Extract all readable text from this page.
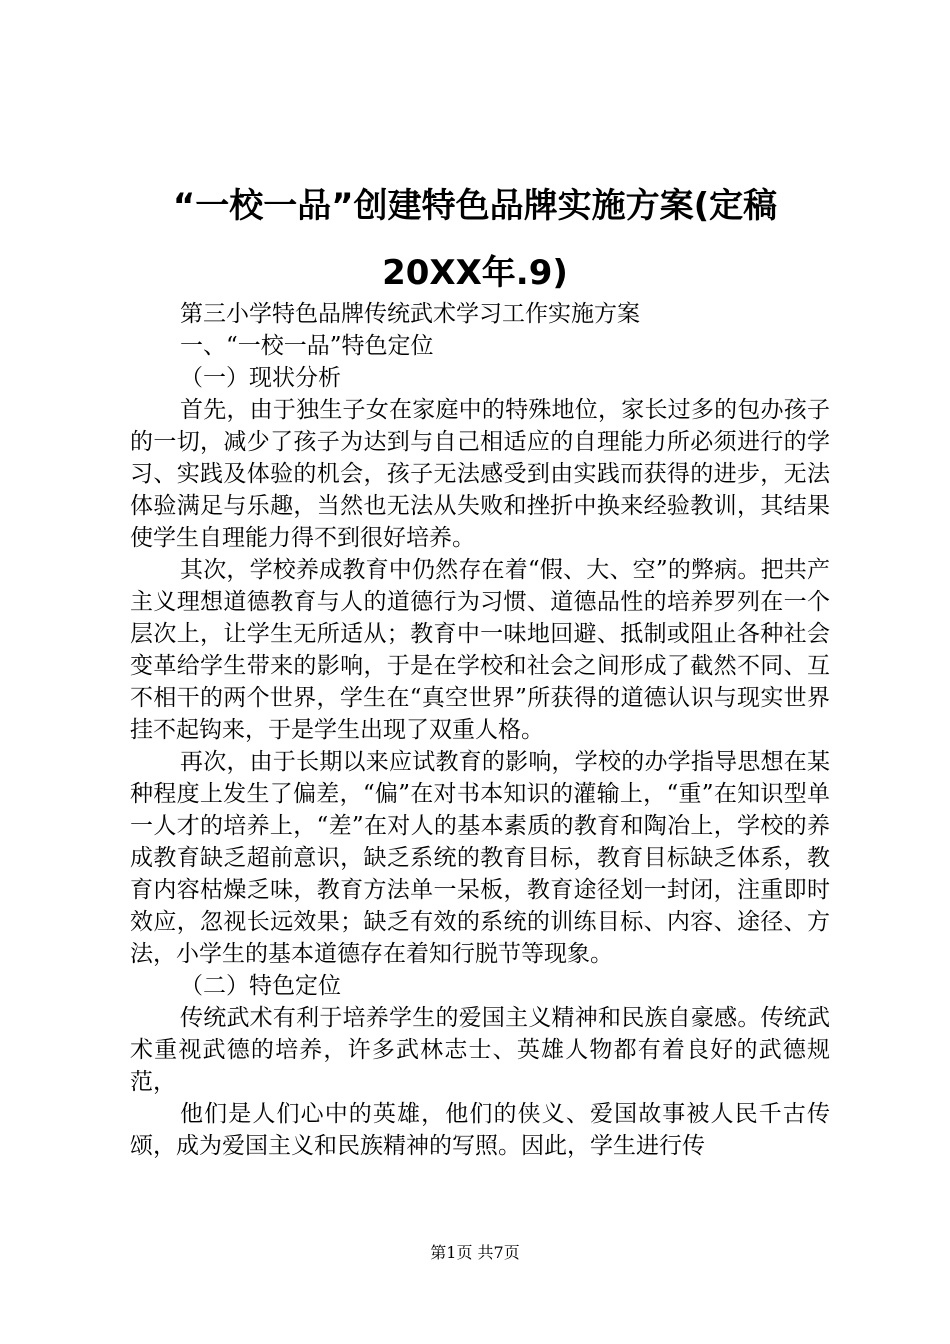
“一校一品”创建特色品牌实施方案(定稿
20XX年.9)

第三小学特色品牌传统武术学习工作实施方案

一、“一校一品”特色定位

（一）现状分析

首先，由于独生子女在家庭中的特殊地位，家长过多的包办孩子的一切，减少了孩子为达到与自己相适应的自理能力所必须进行的学习、实践及体验的机会，孩子无法感受到由实践而获得的进步，无法体验满足与乐趣，当然也无法从失败和挫折中换来经验教训，其结果使学生自理能力得不到很好培养。

其次，学校养成教育中仍然存在着“假、大、空”的弊病。把共产主义理想道德教育与人的道德行为习惯、道德品性的培养罗列在一个层次上，让学生无所适从；教育中一味地回避、抵制或阻止各种社会变革给学生带来的影响，于是在学校和社会之间形成了截然不同、互不相干的两个世界，学生在“真空世界”所获得的道德认识与现实世界挂不起钩来，于是学生出现了双重人格。

再次，由于长期以来应试教育的影响，学校的办学指导思想在某种程度上发生了偏差，“偏”在对书本知识的灌输上，“重”在知识型单一人才的培养上，“差”在对人的基本素质的教育和陶冶上，学校的养成教育缺乏超前意识，缺乏系统的教育目标，教育目标缺乏体系，教育内容枯燥乏味，教育方法单一呆板，教育途径划一封闭，注重即时效应，忽视长远效果；缺乏有效的系统的训练目标、内容、途径、方法，小学生的基本道德存在着知行脱节等现象。

（二）特色定位

传统武术有利于培养学生的爱国主义精神和民族自豪感。传统武术重视武德的培养，许多武林志士、英雄人物都有着良好的武德规范，

他们是人们心中的英雄，他们的侠义、爱国故事被人民千古传颂，成为爱国主义和民族精神的写照。因此，学生进行传

第1页 共7页
